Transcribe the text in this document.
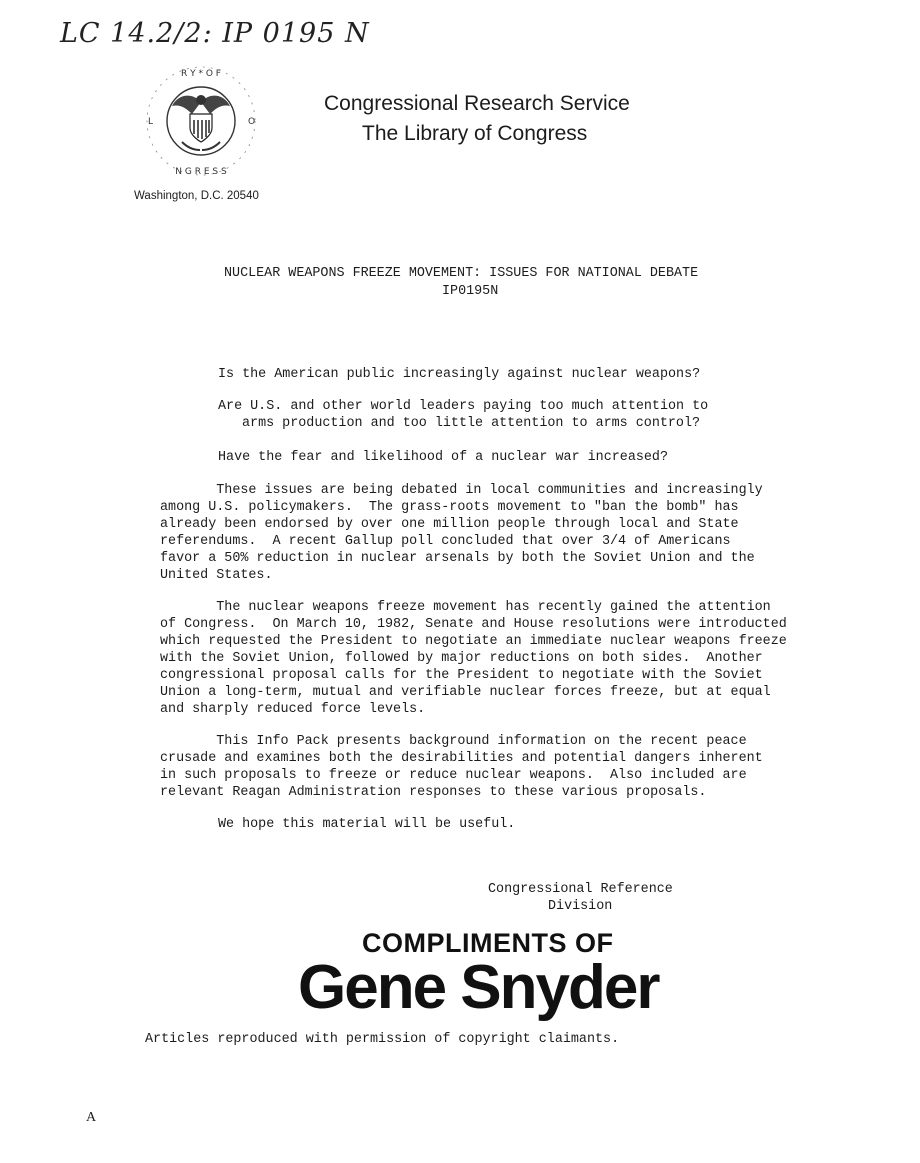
LC 14.2/2: IP 0195 N
R Y * O F
N G R E S S
L	O
Congressional Research Service
The Library of Congress
Washington, D.C. 20540
NUCLEAR WEAPONS FREEZE MOVEMENT: ISSUES FOR NATIONAL DEBATE
IP0195N
Is the American public increasingly against nuclear weapons?
Are U.S. and other world leaders paying too much attention to
arms production and too little attention to arms control?
Have the fear and likelihood of a nuclear war increased?
These issues are being debated in local communities and increasingly
among U.S. policymakers.  The grass-roots movement to "ban the bomb" has
already been endorsed by over one million people through local and State
referendums.  A recent Gallup poll concluded that over 3/4 of Americans
favor a 50% reduction in nuclear arsenals by both the Soviet Union and the
United States.
The nuclear weapons freeze movement has recently gained the attention
of Congress.  On March 10, 1982, Senate and House resolutions were introducted
which requested the President to negotiate an immediate nuclear weapons freeze
with the Soviet Union, followed by major reductions on both sides.  Another
congressional proposal calls for the President to negotiate with the Soviet
Union a long-term, mutual and verifiable nuclear forces freeze, but at equal
and sharply reduced force levels.
This Info Pack presents background information on the recent peace
crusade and examines both the desirabilities and potential dangers inherent
in such proposals to freeze or reduce nuclear weapons.  Also included are
relevant Reagan Administration responses to these various proposals.
We hope this material will be useful.
Congressional Reference
Division
COMPLIMENTS OF
Gene Snyder
Articles reproduced with permission of copyright claimants.
A
